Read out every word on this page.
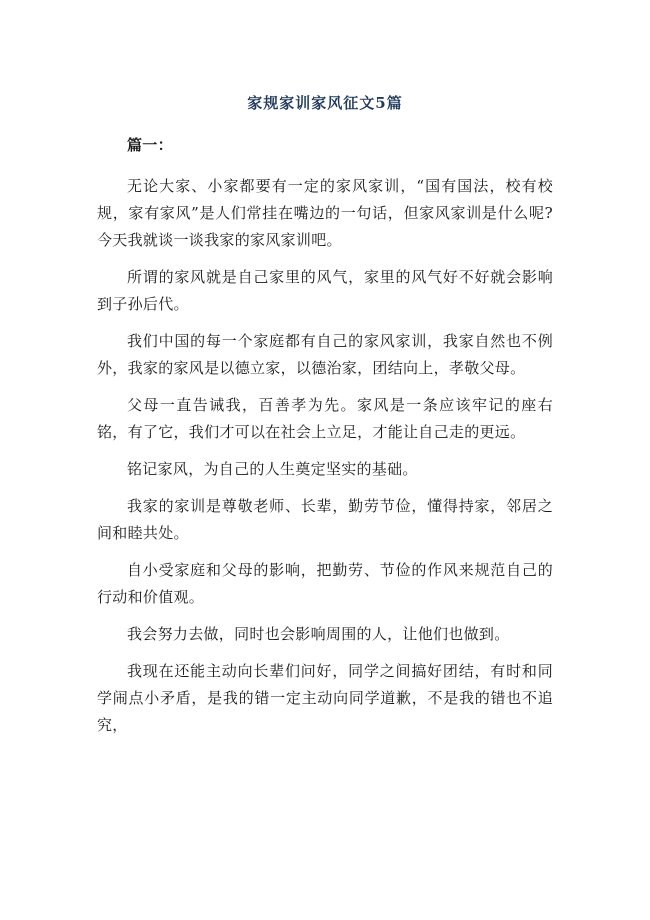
家规家训家风征文5篇

篇一：

无论大家、小家都要有一定的家风家训，“国有国法，校有校规，家有家风”是人们常挂在嘴边的一句话，但家风家训是什么呢?今天我就谈一谈我家的家风家训吧。

所谓的家风就是自己家里的风气，家里的风气好不好就会影响到子孙后代。

我们中国的每一个家庭都有自己的家风家训，我家自然也不例外，我家的家风是以德立家，以德治家，团结向上，孝敬父母。

父母一直告诫我，百善孝为先。家风是一条应该牢记的座右铭，有了它，我们才可以在社会上立足，才能让自己走的更远。

铭记家风，为自己的人生奠定坚实的基础。

我家的家训是尊敬老师、长辈，勤劳节俭，懂得持家，邻居之间和睦共处。

自小受家庭和父母的影响，把勤劳、节俭的作风来规范自己的行动和价值观。

我会努力去做，同时也会影响周围的人，让他们也做到。

我现在还能主动向长辈们问好，同学之间搞好团结，有时和同学闹点小矛盾，是我的错一定主动向同学道歉，不是我的错也不追究，
